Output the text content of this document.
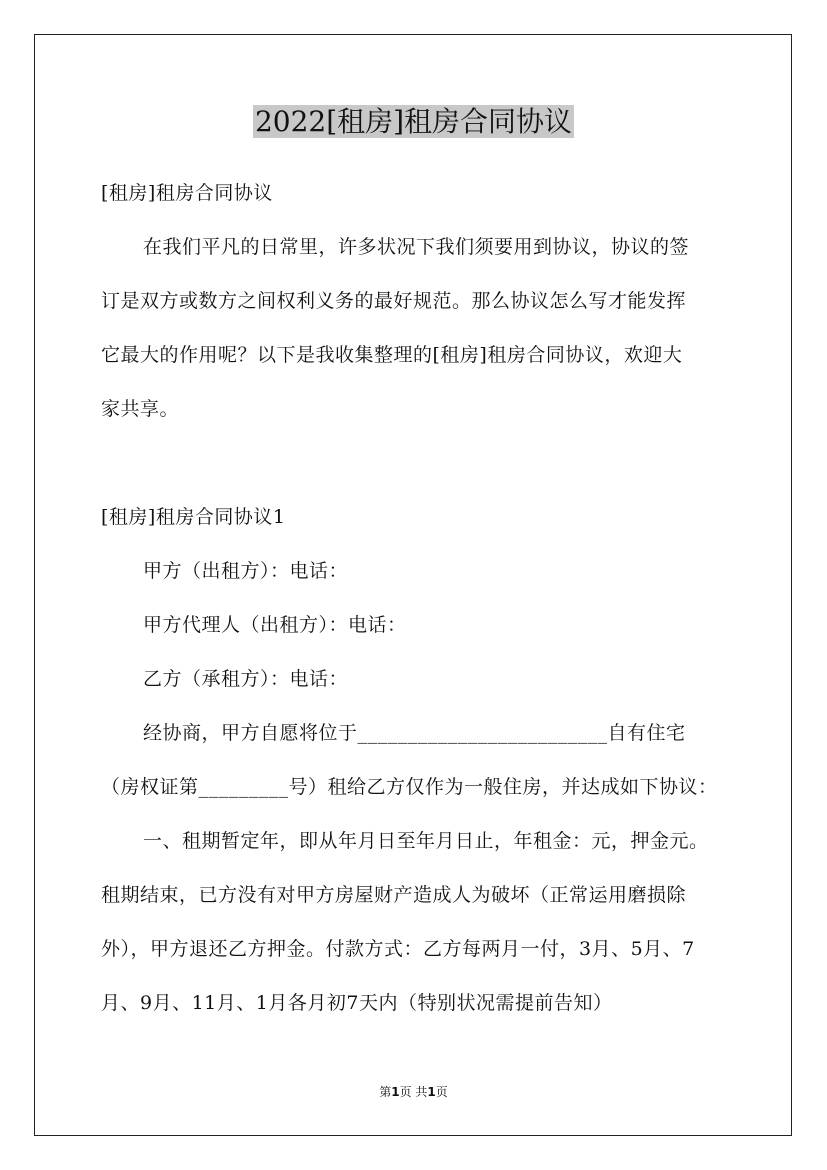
2022[租房]租房合同协议

[租房]租房合同协议

在我们平凡的日常里，许多状况下我们须要用到协议，协议的签

订是双方或数方之间权利义务的最好规范。那么协议怎么写才能发挥

它最大的作用呢？以下是我收集整理的[租房]租房合同协议，欢迎大

家共享。

[租房]租房合同协议1

甲方（出租方）：电话：

甲方代理人（出租方）：电话：

乙方（承租方）：电话：

经协商，甲方自愿将位于_________________________自有住宅

（房权证第_________号）租给乙方仅作为一般住房，并达成如下协议：

一、租期暂定年，即从年月日至年月日止，年租金：元，押金元。

租期结束，已方没有对甲方房屋财产造成人为破坏（正常运用磨损除

外），甲方退还乙方押金。付款方式：乙方每两月一付，3月、5月、7

月、9月、11月、1月各月初7天内（特别状况需提前告知）

第1页 共1页
